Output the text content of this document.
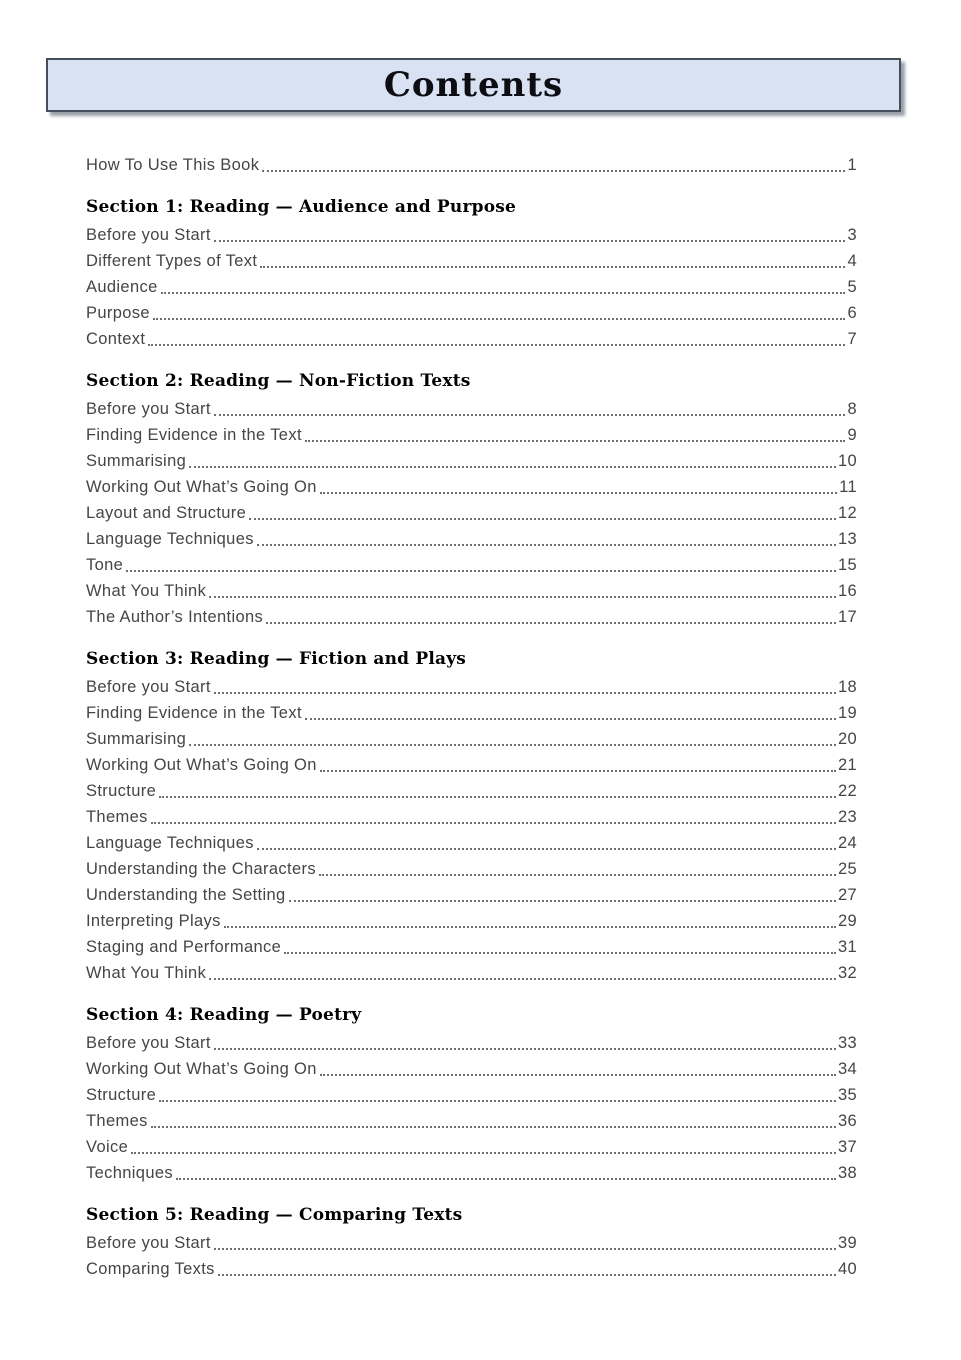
Contents
How To Use This Book	1
Section 1: Reading — Audience and Purpose
Before you Start	3
Different Types of Text	4
Audience	5
Purpose	6
Context	7
Section 2: Reading — Non-Fiction Texts
Before you Start	8
Finding Evidence in the Text	9
Summarising	10
Working Out What’s Going On	11
Layout and Structure	12
Language Techniques	13
Tone	15
What You Think	16
The Author’s Intentions	17
Section 3: Reading — Fiction and Plays
Before you Start	18
Finding Evidence in the Text	19
Summarising	20
Working Out What’s Going On	21
Structure	22
Themes	23
Language Techniques	24
Understanding the Characters	25
Understanding the Setting	27
Interpreting Plays	29
Staging and Performance	31
What You Think	32
Section 4: Reading — Poetry
Before you Start	33
Working Out What’s Going On	34
Structure	35
Themes	36
Voice	37
Techniques	38
Section 5: Reading — Comparing Texts
Before you Start	39
Comparing Texts	40
